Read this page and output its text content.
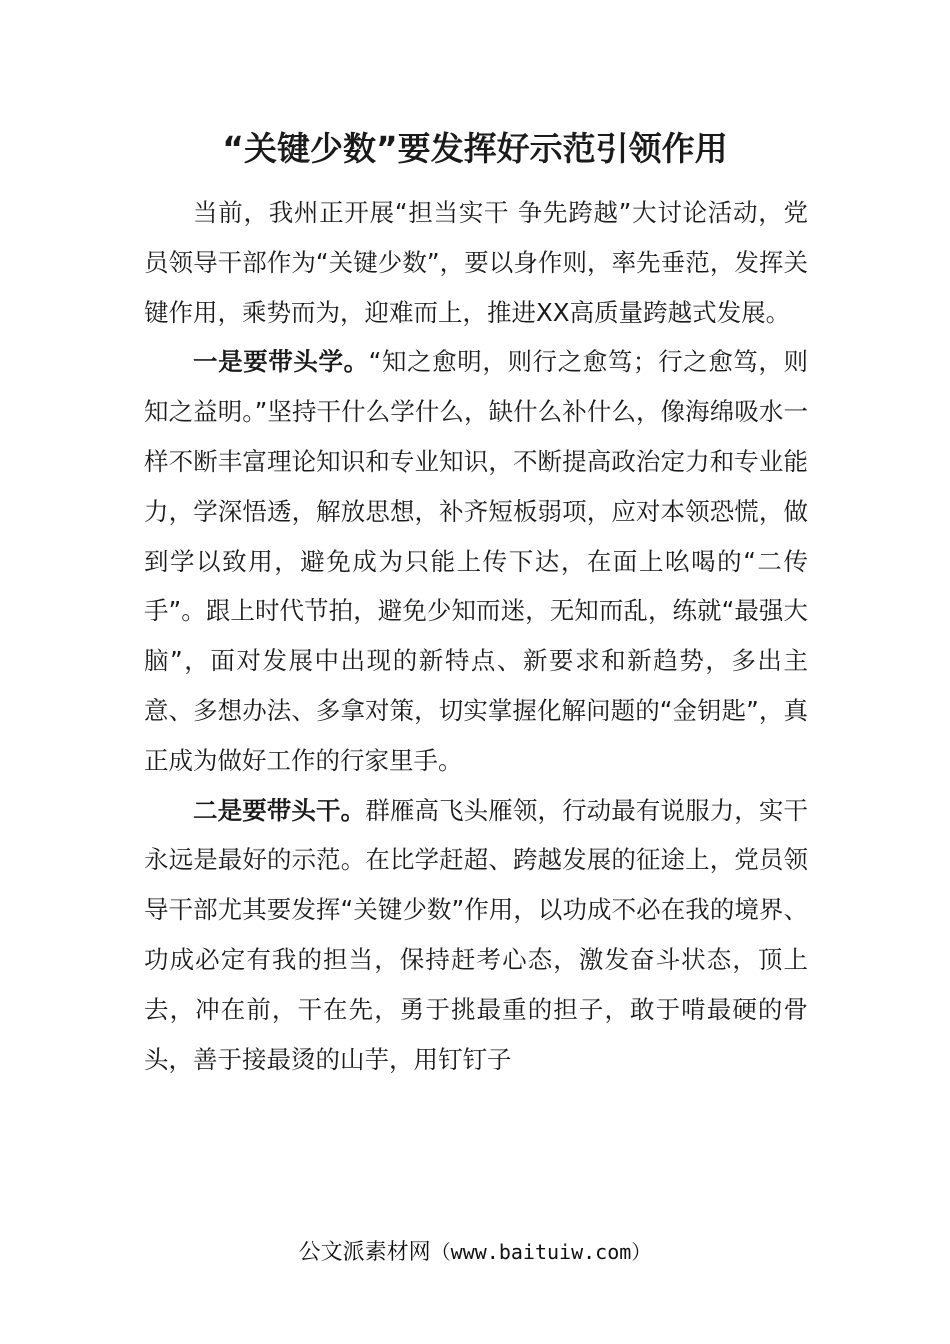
“关键少数”要发挥好示范引领作用

当前，我州正开展“担当实干 争先跨越”大讨论活动，党员领导干部作为“关键少数”，要以身作则，率先垂范，发挥关键作用，乘势而为，迎难而上，推进XX高质量跨越式发展。

一是要带头学。“知之愈明，则行之愈笃；行之愈笃，则知之益明。”坚持干什么学什么，缺什么补什么，像海绵吸水一样不断丰富理论知识和专业知识，不断提高政治定力和专业能力，学深悟透，解放思想，补齐短板弱项，应对本领恐慌，做到学以致用，避免成为只能上传下达，在面上吆喝的“二传手”。跟上时代节拍，避免少知而迷，无知而乱，练就“最强大脑”，面对发展中出现的新特点、新要求和新趋势，多出主意、多想办法、多拿对策，切实掌握化解问题的“金钥匙”，真正成为做好工作的行家里手。

二是要带头干。群雁高飞头雁领，行动最有说服力，实干永远是最好的示范。在比学赶超、跨越发展的征途上，党员领导干部尤其要发挥“关键少数”作用，以功成不必在我的境界、功成必定有我的担当，保持赶考心态，激发奋斗状态，顶上去，冲在前，干在先，勇于挑最重的担子，敢于啃最硬的骨头，善于接最烫的山芋，用钉钉子

公文派素材网（www.baituiw.com）
